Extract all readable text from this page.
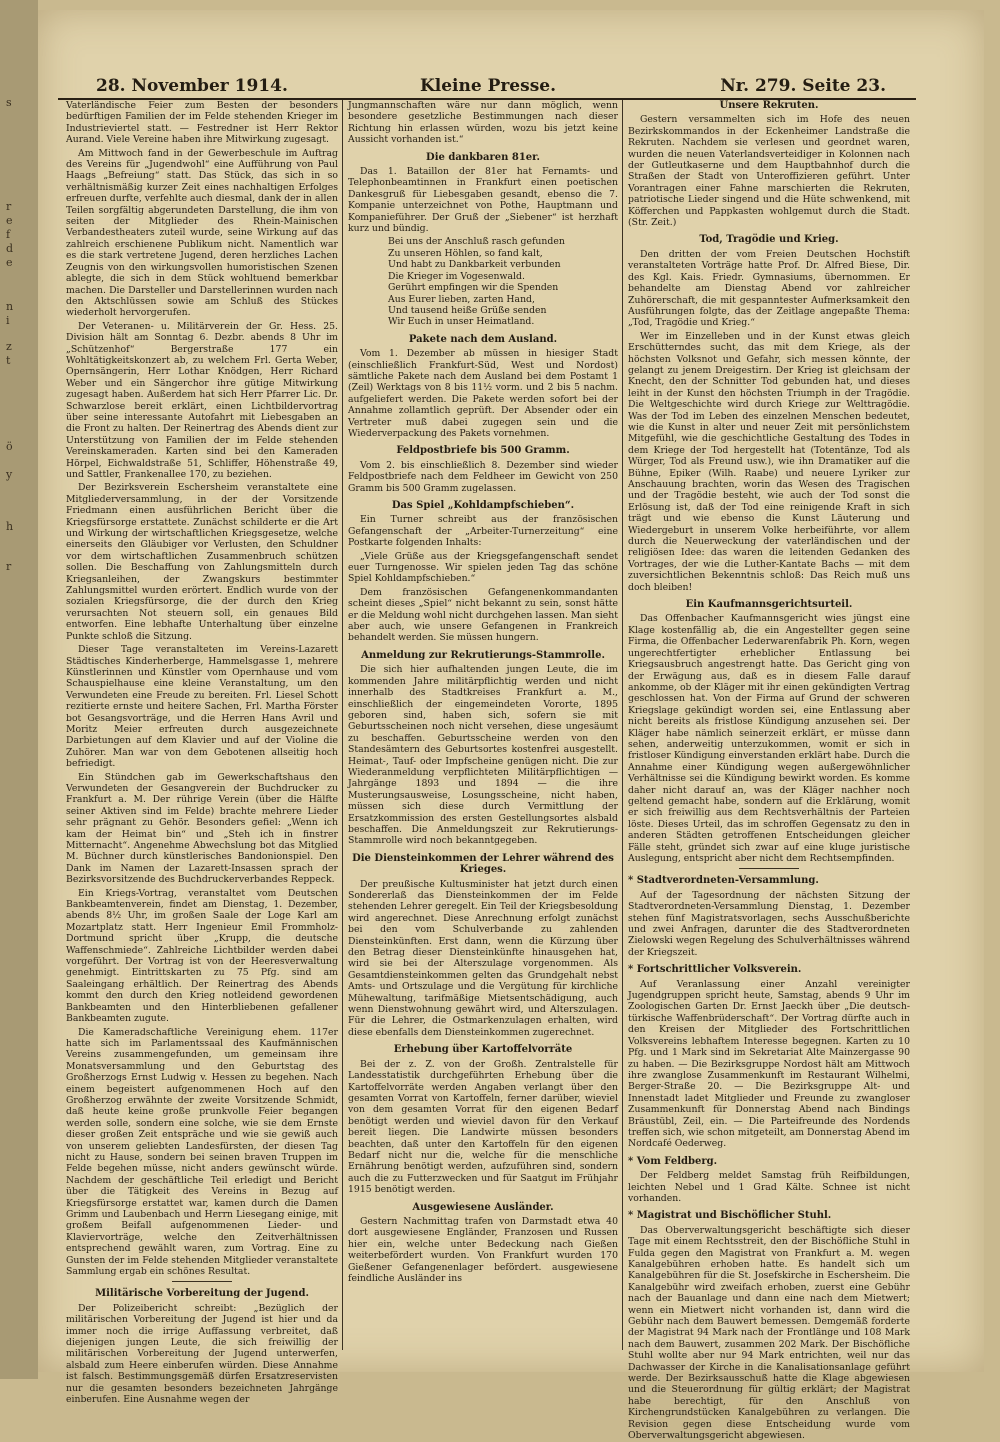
s
r
e
f
d
e
n
i
z
t
ö
y
h
r
28. November 1914.	Kleine Presse.	Nr. 279. Seite 23.

Vaterländische Feier zum Besten der besonders bedürftigen Familien der im Felde stehenden Krieger im Industrieviertel statt. — Festredner ist Herr Rektor Aurand. Viele Vereine haben ihre Mitwirkung zugesagt.

Am Mittwoch fand in der Gewerbeschule im Auftrag des Vereins für „Jugendwohl“ eine Aufführung von Paul Haags „Befreiung“ statt. Das Stück, das sich in so verhältnismäßig kurzer Zeit eines nachhaltigen Erfolges erfreuen durfte, verfehlte auch diesmal, dank der in allen Teilen sorgfältig abgerundeten Darstellung, die ihm von seiten der Mitglieder des Rhein-Mainischen Verbandestheaters zuteil wurde, seine Wirkung auf das zahlreich erschienene Publikum nicht. Namentlich war es die stark vertretene Jugend, deren herzliches Lachen Zeugnis von den wirkungsvollen humoristischen Szenen ablegte, die sich in dem Stück wohltuend bemerkbar machen. Die Darsteller und Darstellerinnen wurden nach den Aktschlüssen sowie am Schluß des Stückes wiederholt hervorgerufen.

Der Veteranen- u. Militärverein der Gr. Hess. 25. Division hält am Sonntag 6. Dezbr. abends 8 Uhr im „Schützenhof“ Bergerstraße 177 ein Wohltätigkeitskonzert ab, zu welchem Frl. Gerta Weber, Opernsängerin, Herr Lothar Knödgen, Herr Richard Weber und ein Sängerchor ihre gütige Mitwirkung zugesagt haben. Außerdem hat sich Herr Pfarrer Lic. Dr. Schwarzlose bereit erklärt, einen Lichtbildervortrag über seine interessante Autofahrt mit Liebesgaben an die Front zu halten. Der Reinertrag des Abends dient zur Unterstützung von Familien der im Felde stehenden Vereinskameraden. Karten sind bei den Kameraden Hörpel, Eichwaldstraße 51, Schliffer, Höhenstraße 49, und Sattler, Frankenallee 170, zu beziehen.

Der Bezirksverein Eschersheim veranstaltete eine Mitgliederversammlung, in der der Vorsitzende Friedmann einen ausführlichen Bericht über die Kriegsfürsorge erstattete. Zunächst schilderte er die Art und Wirkung der wirtschaftlichen Kriegsgesetze, welche einerseits den Gläubiger vor Verlusten, den Schuldner vor dem wirtschaftlichen Zusammenbruch schützen sollen. Die Beschaffung von Zahlungsmitteln durch Kriegsanleihen, der Zwangskurs bestimmter Zahlungsmittel wurden erörtert. Endlich wurde von der sozialen Kriegsfürsorge, die der durch den Krieg verursachten Not steuern soll, ein genaues Bild entworfen. Eine lebhafte Unterhaltung über einzelne Punkte schloß die Sitzung.

Dieser Tage veranstalteten im Vereins-Lazarett Städtisches Kinderherberge, Hammelsgasse 1, mehrere Künstlerinnen und Künstler vom Opernhause und vom Schauspielhause eine kleine Veranstaltung, um den Verwundeten eine Freude zu bereiten. Frl. Liesel Schott rezitierte ernste und heitere Sachen, Frl. Martha Förster bot Gesangsvorträge, und die Herren Hans Avril und Moritz Meier erfreuten durch ausgezeichnete Darbietungen auf dem Klavier und auf der Violine die Zuhörer. Man war von dem Gebotenen allseitig hoch befriedigt.

Ein Stündchen gab im Gewerkschaftshaus den Verwundeten der Gesangverein der Buchdrucker zu Frankfurt a. M. Der rührige Verein (über die Hälfte seiner Aktiven sind im Felde) brachte mehrere Lieder sehr prägnant zu Gehör. Besonders gefiel: „Wenn ich kam der Heimat bin“ und „Steh ich in finstrer Mitternacht“. Angenehme Abwechslung bot das Mitglied M. Büchner durch künstlerisches Bandonionspiel. Den Dank im Namen der Lazarett-Insassen sprach der Bezirksvorsitzende des Buchdruckerverbandes Reppeck.

Ein Kriegs-Vortrag, veranstaltet vom Deutschen Bankbeamtenverein, findet am Dienstag, 1. Dezember, abends 8½ Uhr, im großen Saale der Loge Karl am Mozartplatz statt. Herr Ingenieur Emil Frommholz-Dortmund spricht über „Krupp, die deutsche Waffenschmiede“. Zahlreiche Lichtbilder werden dabei vorgeführt. Der Vortrag ist von der Heeresverwaltung genehmigt. Eintrittskarten zu 75 Pfg. sind am Saaleingang erhältlich. Der Reinertrag des Abends kommt den durch den Krieg notleidend gewordenen Bankbeamten und den Hinterbliebenen gefallener Bankbeamten zugute.

Die Kameradschaftliche Vereinigung ehem. 117er hatte sich im Parlamentssaal des Kaufmännischen Vereins zusammengefunden, um gemeinsam ihre Monatsversammlung und den Geburtstag des Großherzogs Ernst Ludwig v. Hessen zu begehen. Nach einem begeistert aufgenommenen Hoch auf den Großherzog erwähnte der zweite Vorsitzende Schmidt, daß heute keine große prunkvolle Feier begangen werden solle, sondern eine solche, wie sie dem Ernste dieser großen Zeit entspräche und wie sie gewiß auch von unserem geliebten Landesfürsten, der diesen Tag nicht zu Hause, sondern bei seinen braven Truppen im Felde begehen müsse, nicht anders gewünscht würde. Nachdem der geschäftliche Teil erledigt und Bericht über die Tätigkeit des Vereins in Bezug auf Kriegsfürsorge erstattet war, kamen durch die Damen Grimm und Laubenbach und Herrn Liesegang einige, mit großem Beifall aufgenommenen Lieder- und Klaviervorträge, welche den Zeitverhältnissen entsprechend gewählt waren, zum Vortrag. Eine zu Gunsten der im Felde stehenden Mitglieder veranstaltete Sammlung ergab ein schönes Resultat.

Militärische Vorbereitung der Jugend.

Der Polizeibericht schreibt: „Bezüglich der militärischen Vorbereitung der Jugend ist hier und da immer noch die irrige Auffassung verbreitet, daß diejenigen jungen Leute, die sich freiwillig der militärischen Vorbereitung der Jugend unterwerfen, alsbald zum Heere einberufen würden. Diese Annahme ist falsch. Bestimmungsgemäß dürfen Ersatzreservisten nur die gesamten besonders bezeichneten Jahrgänge einberufen. Eine Ausnahme wegen der

Jungmannschaften wäre nur dann möglich, wenn besondere gesetzliche Bestimmungen nach dieser Richtung hin erlassen würden, wozu bis jetzt keine Aussicht vorhanden ist.“

Die dankbaren 81er.

Das 1. Bataillon der 81er hat Fernamts- und Telephonbeamtinnen in Frankfurt einen poetischen Dankesgruß für Liebesgaben gesandt, ebenso die 7. Kompanie unterzeichnet von Pothe, Hauptmann und Kompanieführer. Der Gruß der „Siebener“ ist herzhaft kurz und bündig.

Bei uns der Anschluß rasch gefunden
Zu unseren Höhlen, so fand kalt,
Und habt zu Dankbarkeit verbunden
Die Krieger im Vogesenwald.
Gerührt empfingen wir die Spenden
Aus Eurer lieben, zarten Hand,
Und tausend heiße Grüße senden
Wir Euch in unser Heimatland.
Pakete nach dem Ausland.

Vom 1. Dezember ab müssen in hiesiger Stadt (einschließlich Frankfurt-Süd, West und Nordost) sämtliche Pakete nach dem Ausland bei dem Postamt 1 (Zeil) Werktags von 8 bis 11½ vorm. und 2 bis 5 nachm. aufgeliefert werden. Die Pakete werden sofort bei der Annahme zollamtlich geprüft. Der Absender oder ein Vertreter muß dabei zugegen sein und die Wiederverpackung des Pakets vornehmen.

Feldpostbriefe bis 500 Gramm.

Vom 2. bis einschließlich 8. Dezember sind wieder Feldpostbriefe nach dem Feldheer im Gewicht von 250 Gramm bis 500 Gramm zugelassen.

Das Spiel „Kohldampfschieben“.

Ein Turner schreibt aus der französischen Gefangenschaft der „Arbeiter-Turnerzeitung“ eine Postkarte folgenden Inhalts:

„Viele Grüße aus der Kriegsgefangenschaft sendet euer Turngenosse. Wir spielen jeden Tag das schöne Spiel Kohldampfschieben.“

Dem französischen Gefangenenkommandanten scheint dieses „Spiel“ nicht bekannt zu sein, sonst hätte er die Meldung wohl nicht durchgehen lassen. Man sieht aber auch, wie unsere Gefangenen in Frankreich behandelt werden. Sie müssen hungern.

Anmeldung zur Rekrutierungs-Stammrolle.

Die sich hier aufhaltenden jungen Leute, die im kommenden Jahre militärpflichtig werden und nicht innerhalb des Stadtkreises Frankfurt a. M., einschließlich der eingemeindeten Vororte, 1895 geboren sind, haben sich, sofern sie mit Geburtsscheinen noch nicht versehen, diese ungesäumt zu beschaffen. Geburtsscheine werden von den Standesämtern des Geburtsortes kostenfrei ausgestellt. Heimat-, Tauf- oder Impfscheine genügen nicht. Die zur Wiederanmeldung verpflichteten Militärpflichtigen — Jahrgänge 1893 und 1894 — die ihre Musterungsausweise, Losungsscheine, nicht haben, müssen sich diese durch Vermittlung der Ersatzkommission des ersten Gestellungsortes alsbald beschaffen. Die Anmeldungszeit zur Rekrutierungs-Stammrolle wird noch bekanntgegeben.

Die Diensteinkommen der Lehrer während des Krieges.

Der preußische Kultusminister hat jetzt durch einen Sondererlaß das Diensteinkommen der im Felde stehenden Lehrer geregelt. Ein Teil der Kriegsbesoldung wird angerechnet. Diese Anrechnung erfolgt zunächst bei den vom Schulverbande zu zahlenden Diensteinkünften. Erst dann, wenn die Kürzung über den Betrag dieser Diensteinkünfte hinausgehen hat, wird sie bei der Alterszulage vorgenommen. Als Gesamtdiensteinkommen gelten das Grundgehalt nebst Amts- und Ortszulage und die Vergütung für kirchliche Mühewaltung, tarifmäßige Mietsentschädigung, auch wenn Dienstwohnung gewährt wird, und Alterszulagen. Für die Lehrer, die Ostmarkenzulagen erhalten, wird diese ebenfalls dem Diensteinkommen zugerechnet.

Erhebung über Kartoffelvorräte

Bei der z. Z. von der Großh. Zentralstelle für Landesstatistik durchgeführten Erhebung über die Kartoffelvorräte werden Angaben verlangt über den gesamten Vorrat von Kartoffeln, ferner darüber, wieviel von dem gesamten Vorrat für den eigenen Bedarf benötigt werden und wieviel davon für den Verkauf bereit liegen. Die Landwirte müssen besonders beachten, daß unter den Kartoffeln für den eigenen Bedarf nicht nur die, welche für die menschliche Ernährung benötigt werden, aufzuführen sind, sondern auch die zu Futterzwecken und für Saatgut im Frühjahr 1915 benötigt werden.

Ausgewiesene Ausländer.

Gestern Nachmittag trafen von Darmstadt etwa 40 dort ausgewiesene Engländer, Franzosen und Russen hier ein, welche unter Bedeckung nach Gießen weiterbefördert wurden. Von Frankfurt wurden 170 Gießener Gefangenenlager befördert. ausgewiesene feindliche Ausländer ins

Unsere Rekruten.

Gestern versammelten sich im Hofe des neuen Bezirkskommandos in der Eckenheimer Landstraße die Rekruten. Nachdem sie verlesen und geordnet waren, wurden die neuen Vaterlandsverteidiger in Kolonnen nach der Gutleutkaserne und dem Hauptbahnhof durch die Straßen der Stadt von Unteroffizieren geführt. Unter Vorantragen einer Fahne marschierten die Rekruten, patriotische Lieder singend und die Hüte schwenkend, mit Köfferchen und Pappkasten wohlgemut durch die Stadt. (Str. Zeit.)

Tod, Tragödie und Krieg.

Den dritten der vom Freien Deutschen Hochstift veranstalteten Vorträge hatte Prof. Dr. Alfred Biese, Dir. des Kgl. Kais. Friedr. Gymnasiums, übernommen. Er behandelte am Dienstag Abend vor zahlreicher Zuhörerschaft, die mit gespanntester Aufmerksamkeit den Ausführungen folgte, das der Zeitlage angepaßte Thema: „Tod, Tragödie und Krieg.“

Wer im Einzelleben und in der Kunst etwas gleich Erschütterndes sucht, das mit dem Kriege, als der höchsten Volksnot und Gefahr, sich messen könnte, der gelangt zu jenem Dreigestirn. Der Krieg ist gleichsam der Knecht, den der Schnitter Tod gebunden hat, und dieses leiht in der Kunst den höchsten Triumph in der Tragödie. Die Weltgeschichte wird durch Kriege zur Welttragödie. Was der Tod im Leben des einzelnen Menschen bedeutet, wie die Kunst in alter und neuer Zeit mit persönlichstem Mitgefühl, wie die geschichtliche Gestaltung des Todes in dem Kriege der Tod hergestellt hat (Totentänze, Tod als Würger, Tod als Freund usw.), wie ihn Dramatiker auf die Bühne, Epiker (Wilh. Raabe) und neuere Lyriker zur Anschauung brachten, worin das Wesen des Tragischen und der Tragödie besteht, wie auch der Tod sonst die Erlösung ist, daß der Tod eine reinigende Kraft in sich trägt und wie ebenso die Kunst Läuterung und Wiedergeburt in unserem Volke herbeiführte, vor allem durch die Neuerweckung der vaterländischen und der religiösen Idee: das waren die leitenden Gedanken des Vortrages, der wie die Luther-Kantate Bachs — mit dem zuversichtlichen Bekenntnis schloß: Das Reich muß uns doch bleiben!

Ein Kaufmannsgerichtsurteil.

Das Offenbacher Kaufmannsgericht wies jüngst eine Klage kostenfällig ab, die ein Angestellter gegen seine Firma, die Offenbacher Lederwarenfabrik Ph. Korn, wegen ungerechtfertigter erheblicher Entlassung bei Kriegsausbruch angestrengt hatte. Das Gericht ging von der Erwägung aus, daß es in diesem Falle darauf ankomme, ob der Kläger mit ihr einen gekündigten Vertrag geschlossen hat. Von der Firma auf Grund der schweren Kriegslage gekündigt worden sei, eine Entlassung aber nicht bereits als fristlose Kündigung anzusehen sei. Der Kläger habe nämlich seinerzeit erklärt, er müsse dann sehen, anderweitig unterzukommen, womit er sich in fristloser Kündigung einverstanden erklärt habe. Durch die Annahme einer Kündigung wegen außergewöhnlicher Verhältnisse sei die Kündigung bewirkt worden. Es komme daher nicht darauf an, was der Kläger nachher noch geltend gemacht habe, sondern auf die Erklärung, womit er sich freiwillig aus dem Rechtsverhältnis der Parteien löste. Dieses Urteil, das im schroffen Gegensatz zu den in anderen Städten getroffenen Entscheidungen gleicher Fälle steht, gründet sich zwar auf eine kluge juristische Auslegung, entspricht aber nicht dem Rechtsempfinden.

* Stadtverordneten-Versammlung.

Auf der Tagesordnung der nächsten Sitzung der Stadtverordneten-Versammlung Dienstag, 1. Dezember stehen fünf Magistratsvorlagen, sechs Ausschußberichte und zwei Anfragen, darunter die des Stadtverordneten Zielowski wegen Regelung des Schulverhältnisses während der Kriegszeit.

* Fortschrittlicher Volksverein.

Auf Veranlassung einer Anzahl vereinigter Jugendgruppen spricht heute, Samstag, abends 9 Uhr im Zoologischen Garten Dr. Ernst Jaeckh über „Die deutsch-türkische Waffenbrüderschaft“. Der Vortrag dürfte auch in den Kreisen der Mitglieder des Fortschrittlichen Volksvereins lebhaftem Interesse begegnen. Karten zu 10 Pfg. und 1 Mark sind im Sekretariat Alte Mainzergasse 90 zu haben. — Die Bezirksgruppe Nordost hält am Mittwoch ihre zwanglose Zusammenkunft im Restaurant Wilhelmi, Berger-Straße 20. — Die Bezirksgruppe Alt- und Innenstadt ladet Mitglieder und Freunde zu zwangloser Zusammenkunft für Donnerstag Abend nach Bindings Bräustübl, Zeil, ein. — Die Parteifreunde des Nordends treffen sich, wie schon mitgeteilt, am Donnerstag Abend im Nordcafé Oederweg.

* Vom Feldberg.

Der Feldberg meldet Samstag früh Reifbildungen, leichten Nebel und 1 Grad Kälte. Schnee ist nicht vorhanden.

* Magistrat und Bischöflicher Stuhl.

Das Oberverwaltungsgericht beschäftigte sich dieser Tage mit einem Rechtsstreit, den der Bischöfliche Stuhl in Fulda gegen den Magistrat von Frankfurt a. M. wegen Kanalgebühren erhoben hatte. Es handelt sich um Kanalgebühren für die St. Josefskirche in Eschersheim. Die Kanalgebühr wird zweifach erhoben, zuerst eine Gebühr nach der Bauanlage und dann eine nach dem Mietwert; wenn ein Mietwert nicht vorhanden ist, dann wird die Gebühr nach dem Bauwert bemessen. Demgemäß forderte der Magistrat 94 Mark nach der Frontlänge und 108 Mark nach dem Bauwert, zusammen 202 Mark. Der Bischöfliche Stuhl wollte aber nur 94 Mark entrichten, weil nur das Dachwasser der Kirche in die Kanalisationsanlage geführt werde. Der Bezirksausschuß hatte die Klage abgewiesen und die Steuerordnung für gültig erklärt; der Magistrat habe berechtigt, für den Anschluß von Kirchengrundstücken Kanalgebühren zu verlangen. Die Revision gegen diese Entscheidung wurde vom Oberverwaltungsgericht abgewiesen.
